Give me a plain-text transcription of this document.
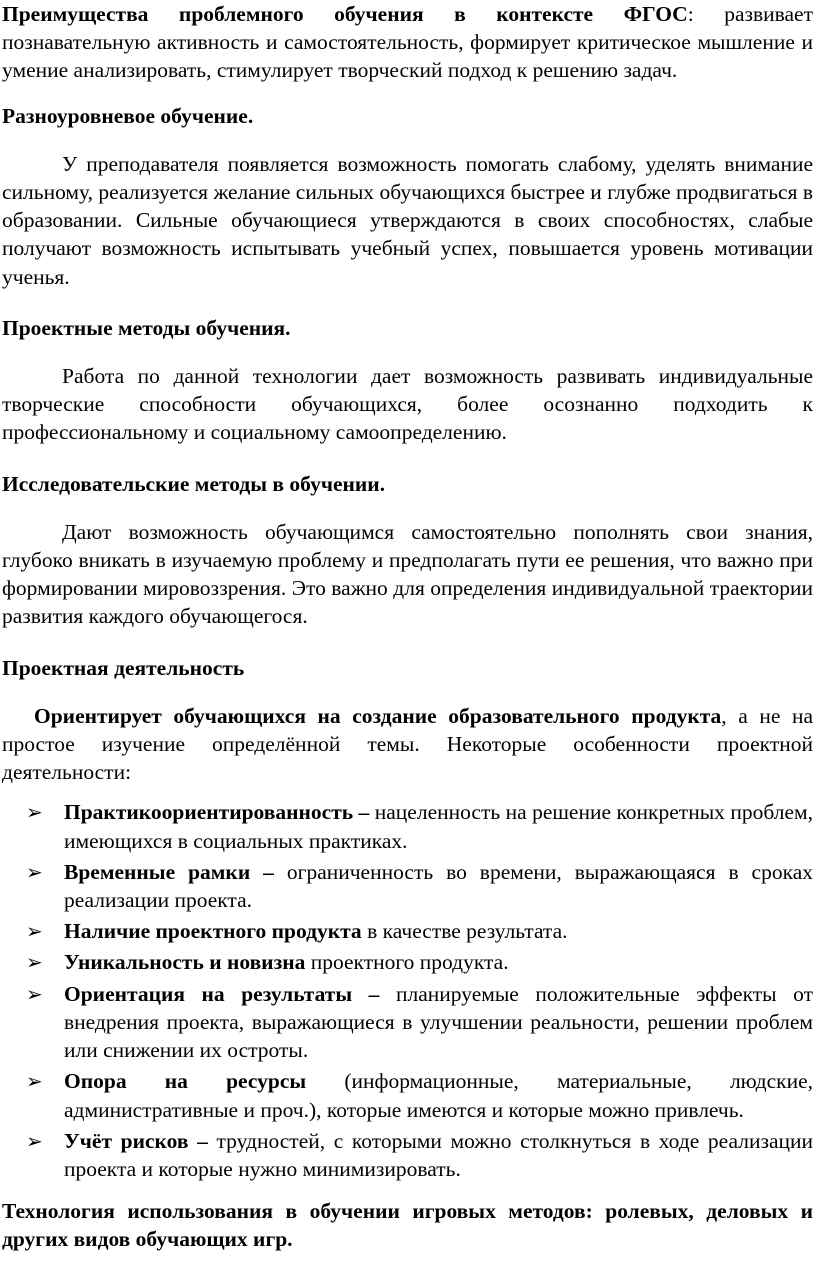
Преимущества проблемного обучения в контексте ФГОС: развивает познавательную активность и самостоятельность, формирует критическое мышление и умение анализировать, стимулирует творческий подход к решению задач.

Разноуровневое обучение.

У преподавателя появляется возможность помогать слабому, уделять внимание сильному, реализуется желание сильных обучающихся быстрее и глубже продвигаться в образовании. Сильные обучающиеся утверждаются в своих способностях, слабые получают возможность испытывать учебный успех, повышается уровень мотивации ученья.

Проектные методы обучения.

Работа по данной технологии дает возможность развивать индивидуальные творческие способности обучающихся, более осознанно подходить к профессиональному и социальному самоопределению.

Исследовательские методы в обучении.

Дают возможность обучающимся самостоятельно пополнять свои знания, глубоко вникать в изучаемую проблему и предполагать пути ее решения, что важно при формировании мировоззрения. Это важно для определения индивидуальной траектории развития каждого обучающегося.

Проектная деятельность

Ориентирует обучающихся на создание образовательного продукта, а не на простое изучение определённой темы. Некоторые особенности проектной деятельности:

➢ Практикоориентированность – нацеленность на решение конкретных проблем, имеющихся в социальных практиках.
➢ Временные рамки – ограниченность во времени, выражающаяся в сроках реализации проекта.
➢ Наличие проектного продукта в качестве результата.
➢ Уникальность и новизна проектного продукта.
➢ Ориентация на результаты – планируемые положительные эффекты от внедрения проекта, выражающиеся в улучшении реальности, решении проблем или снижении их остроты.
➢ Опора на ресурсы (информационные, материальные, людские, административные и проч.), которые имеются и которые можно привлечь.
➢ Учёт рисков – трудностей, с которыми можно столкнуться в ходе реализации проекта и которые нужно минимизировать.

Технология использования в обучении игровых методов: ролевых, деловых и других видов обучающих игр.
